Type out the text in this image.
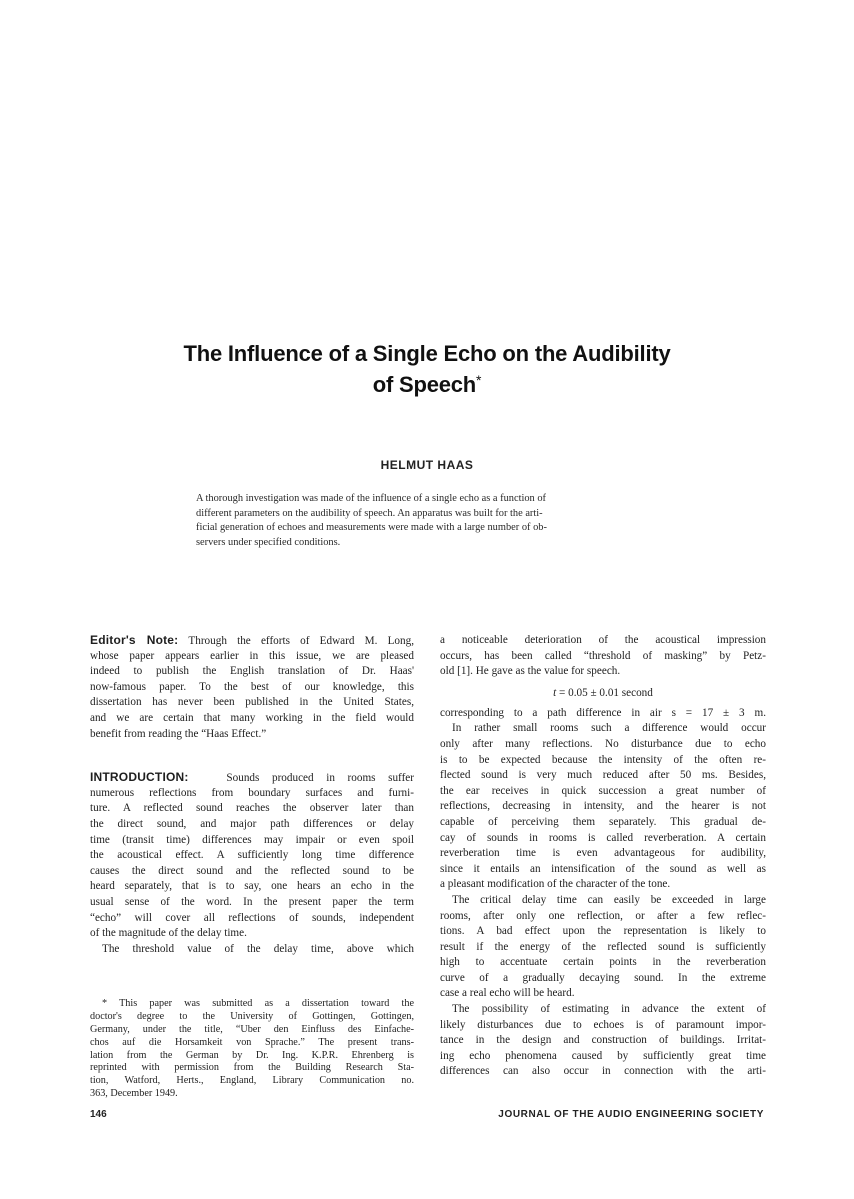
The Influence of a Single Echo on the Audibility
of Speech*
HELMUT HAAS
A thorough investigation was made of the influence of a single echo as a function of
different parameters on the audibility of speech. An apparatus was built for the arti-
ficial generation of echoes and measurements were made with a large number of ob-
servers under specified conditions.
Editor's Note: Through the efforts of Edward M. Long,
whose paper appears earlier in this issue, we are pleased
indeed to publish the English translation of Dr. Haas'
now-famous paper. To the best of our knowledge, this
dissertation has never been published in the United States,
and we are certain that many working in the field would
benefit from reading the “Haas Effect.”
INTRODUCTION:	Sounds produced in rooms suffer
numerous reflections from boundary surfaces and furni-
ture. A reflected sound reaches the observer later than
the direct sound, and major path differences or delay
time (transit time) differences may impair or even spoil
the acoustical effect. A sufficiently long time difference
causes the direct sound and the reflected sound to be
heard separately, that is to say, one hears an echo in the
usual sense of the word. In the present paper the term
“echo” will cover all reflections of sounds, independent
of the magnitude of the delay time.
The threshold value of the delay time, above which
* This paper was submitted as a dissertation toward the
doctor's degree to the University of Gottingen, Gottingen,
Germany, under the title, “Uber den Einfluss des Einfache-
chos auf die Horsamkeit von Sprache.” The present trans-
lation from the German by Dr. Ing. K.P.R. Ehrenberg is
reprinted with permission from the Building Research Sta-
tion, Watford, Herts., England, Library Communication no.
363, December 1949.
a noticeable deterioration of the acoustical impression
occurs, has been called “threshold of masking” by Petz-
old [1]. He gave as the value for speech.
t = 0.05 ± 0.01 second
corresponding to a path difference in air s = 17 ± 3 m.
In rather small rooms such a difference would occur
only after many reflections. No disturbance due to echo
is to be expected because the intensity of the often re-
flected sound is very much reduced after 50 ms. Besides,
the ear receives in quick succession a great number of
reflections, decreasing in intensity, and the hearer is not
capable of perceiving them separately. This gradual de-
cay of sounds in rooms is called reverberation. A certain
reverberation time is even advantageous for audibility,
since it entails an intensification of the sound as well as
a pleasant modification of the character of the tone.
The critical delay time can easily be exceeded in large
rooms, after only one reflection, or after a few reflec-
tions. A bad effect upon the representation is likely to
result if the energy of the reflected sound is sufficiently
high to accentuate certain points in the reverberation
curve of a gradually decaying sound. In the extreme
case a real echo will be heard.
The possibility of estimating in advance the extent of
likely disturbances due to echoes is of paramount impor-
tance in the design and construction of buildings. Irritat-
ing echo phenomena caused by sufficiently great time
differences can also occur in connection with the arti-
146	JOURNAL OF THE AUDIO ENGINEERING SOCIETY
